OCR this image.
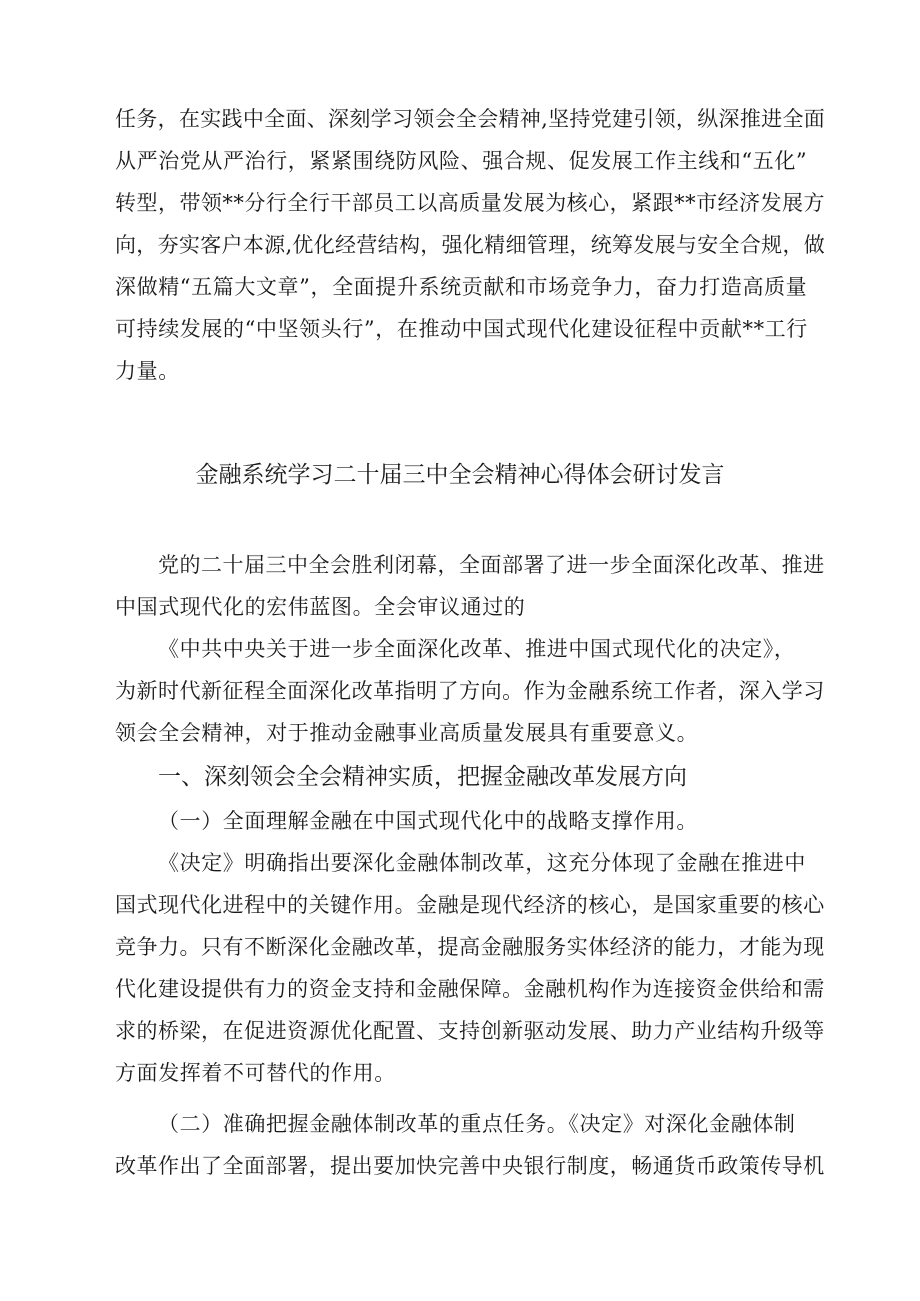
任务，在实践中全面、深刻学习领会全会精神,坚持党建引领，纵深推进全面
从严治党从严治行，紧紧围绕防风险、强合规、促发展工作主线和“五化”
转型，带领**分行全行干部员工以高质量发展为核心，紧跟**市经济发展方
向，夯实客户本源,优化经营结构，强化精细管理，统筹发展与安全合规，做
深做精“五篇大文章”，全面提升系统贡献和市场竞争力，奋力打造高质量
可持续发展的“中坚领头行”，在推动中国式现代化建设征程中贡献**工行
力量。
金融系统学习二十届三中全会精神心得体会研讨发言
党的二十届三中全会胜利闭幕，全面部署了进一步全面深化改革、推进
中国式现代化的宏伟蓝图。全会审议通过的
《中共中央关于进一步全面深化改革、推进中国式现代化的决定》，
为新时代新征程全面深化改革指明了方向。作为金融系统工作者，深入学习
领会全会精神，对于推动金融事业高质量发展具有重要意义。
一、深刻领会全会精神实质，把握金融改革发展方向
（一）全面理解金融在中国式现代化中的战略支撑作用。
《决定》明确指出要深化金融体制改革，这充分体现了金融在推进中
国式现代化进程中的关键作用。金融是现代经济的核心，是国家重要的核心
竞争力。只有不断深化金融改革，提高金融服务实体经济的能力，才能为现
代化建设提供有力的资金支持和金融保障。金融机构作为连接资金供给和需
求的桥梁，在促进资源优化配置、支持创新驱动发展、助力产业结构升级等
方面发挥着不可替代的作用。
（二）准确把握金融体制改革的重点任务。《决定》对深化金融体制
改革作出了全面部署，提出要加快完善中央银行制度，畅通货币政策传导机
